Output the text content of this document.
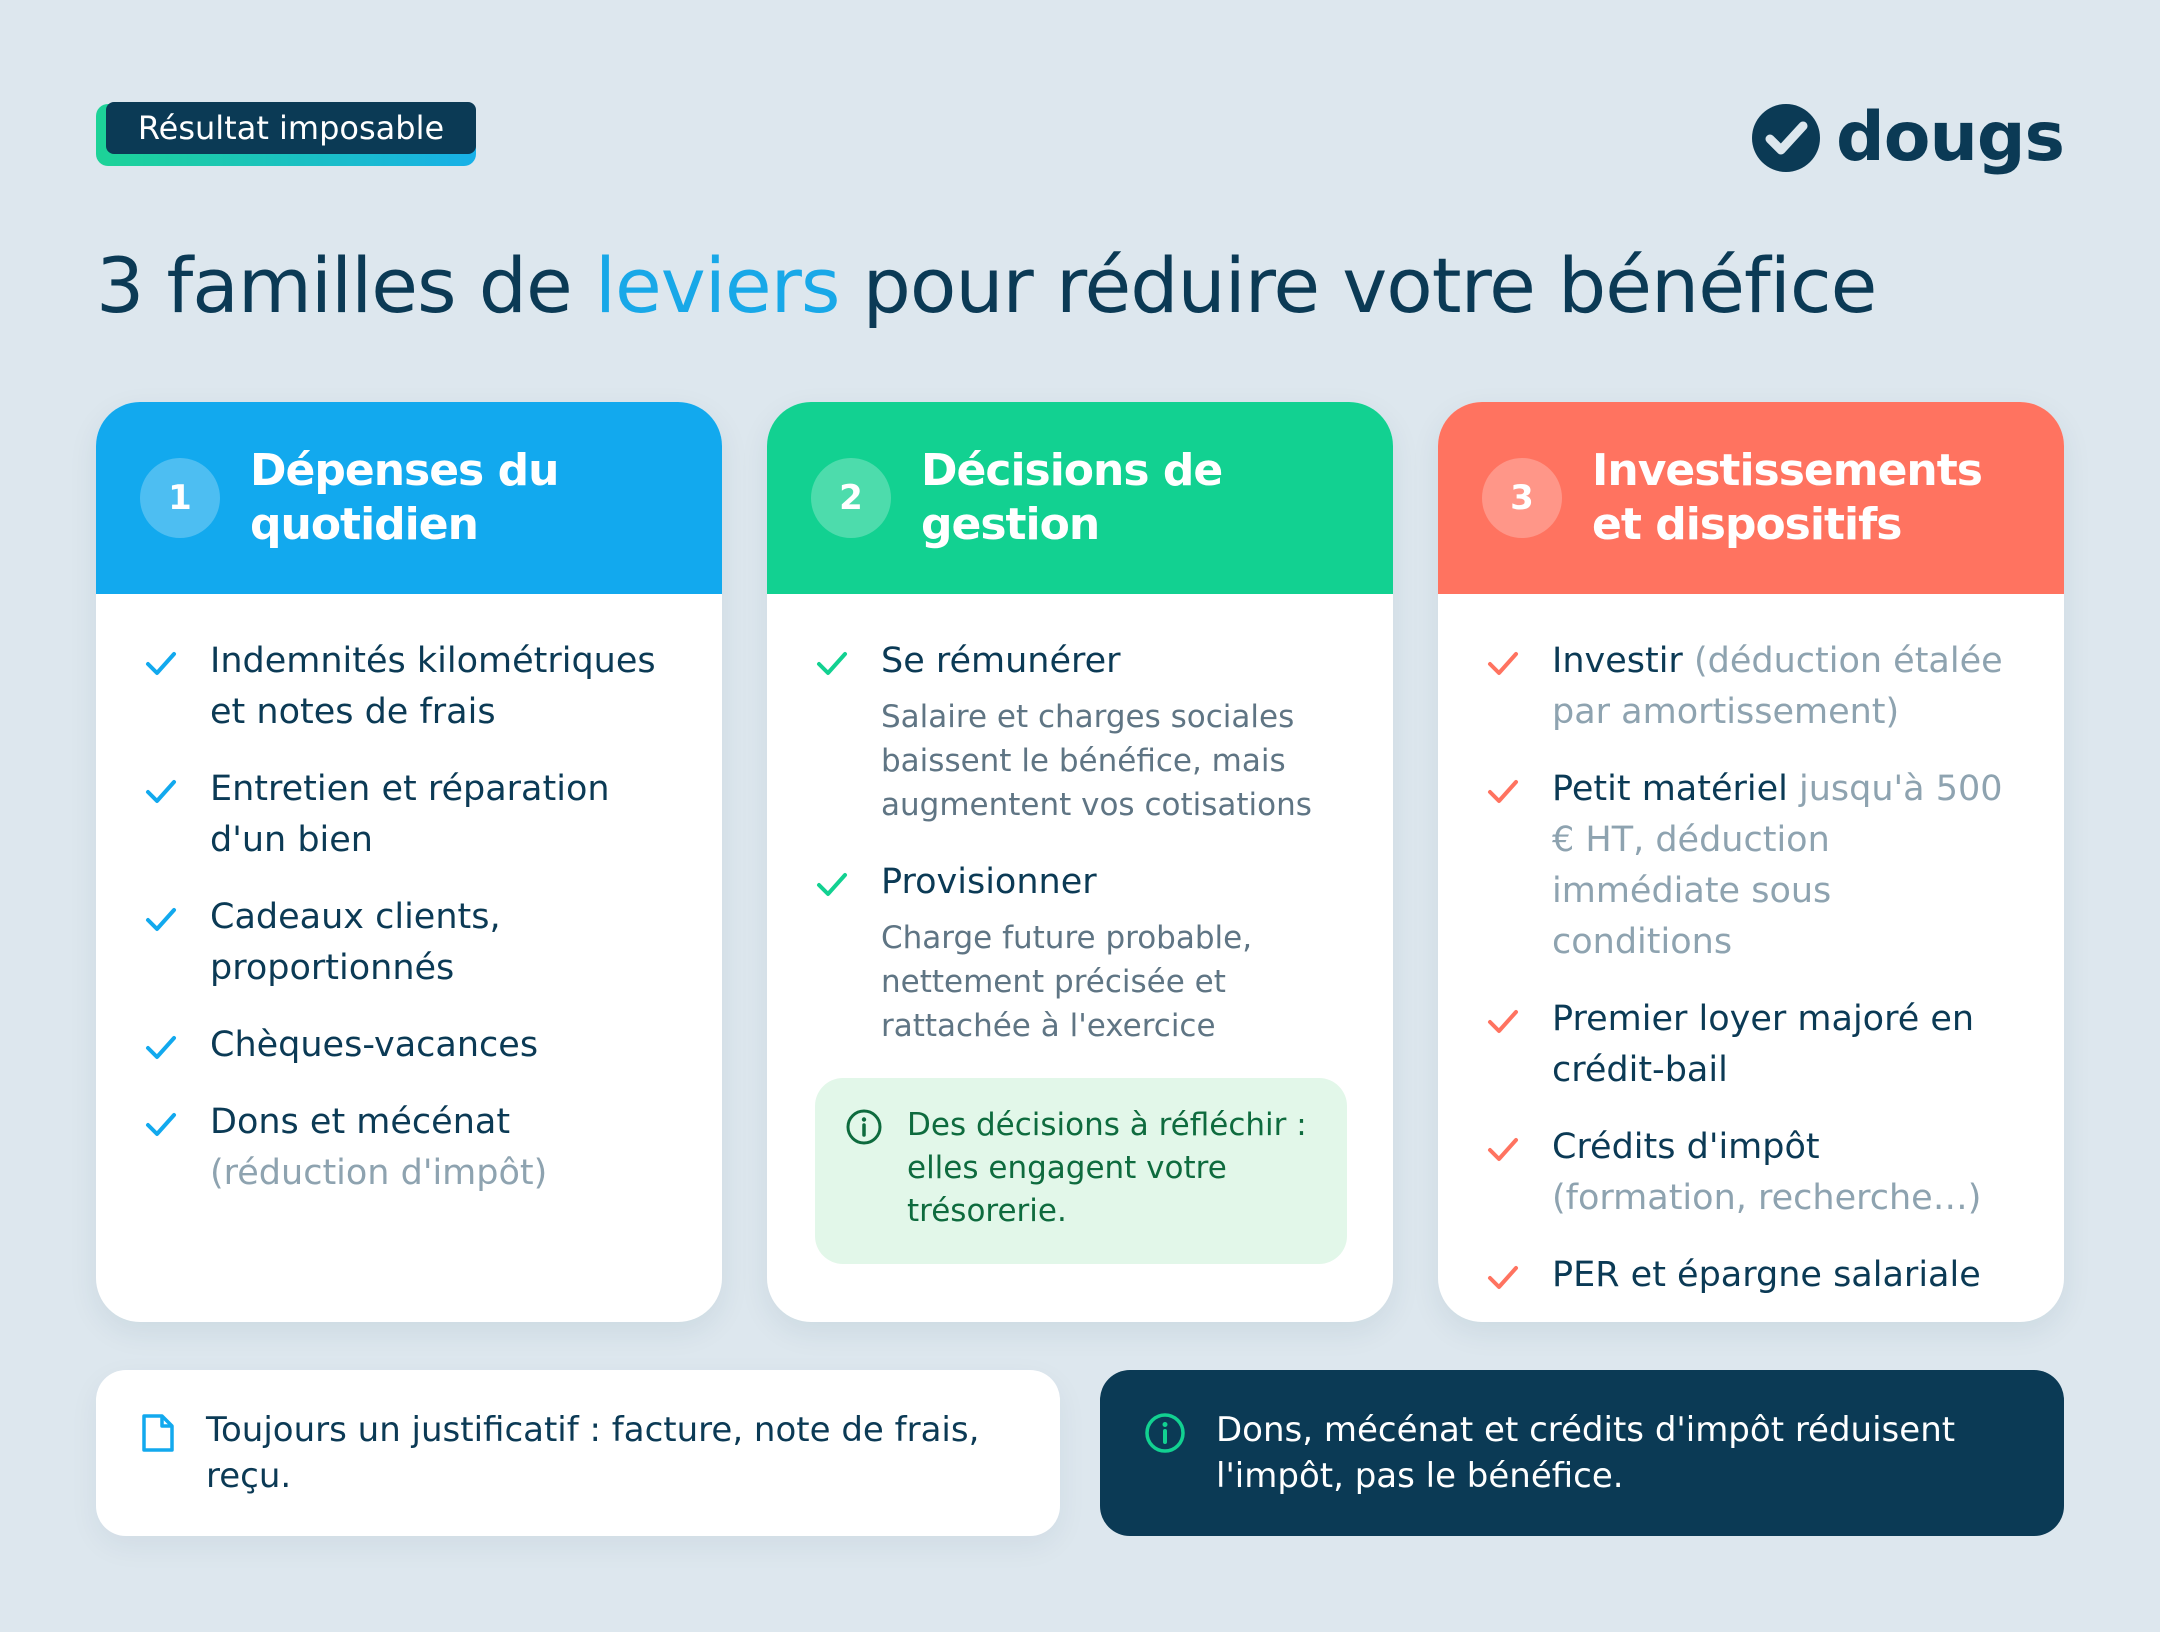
Résultat imposable	dougs
3 familles de leviers pour réduire votre bénéfice
1
Dépenses du quotidien
Indemnités kilométriques et notes de frais
Entretien et réparation d'un bien
Cadeaux clients, proportionnés
Chèques-vacances
Dons et mécénat (réduction d'impôt)
2
Décisions de gestion
Se rémunérer
Salaire et charges sociales baissent le bénéfice, mais augmentent vos cotisations
Provisionner
Charge future probable, nettement précisée et rattachée à l'exercice
Des décisions à réfléchir : elles engagent votre trésorerie.
3
Investissements et dispositifs
Investir (déduction étalée par amortissement)
Petit matériel jusqu'à 500 € HT, déduction immédiate sous conditions
Premier loyer majoré en crédit-bail
Crédits d'impôt (formation, recherche…)
PER et épargne salariale
Toujours un justificatif : facture, note de frais, reçu.
Dons, mécénat et crédits d'impôt réduisent l'impôt, pas le bénéfice.
